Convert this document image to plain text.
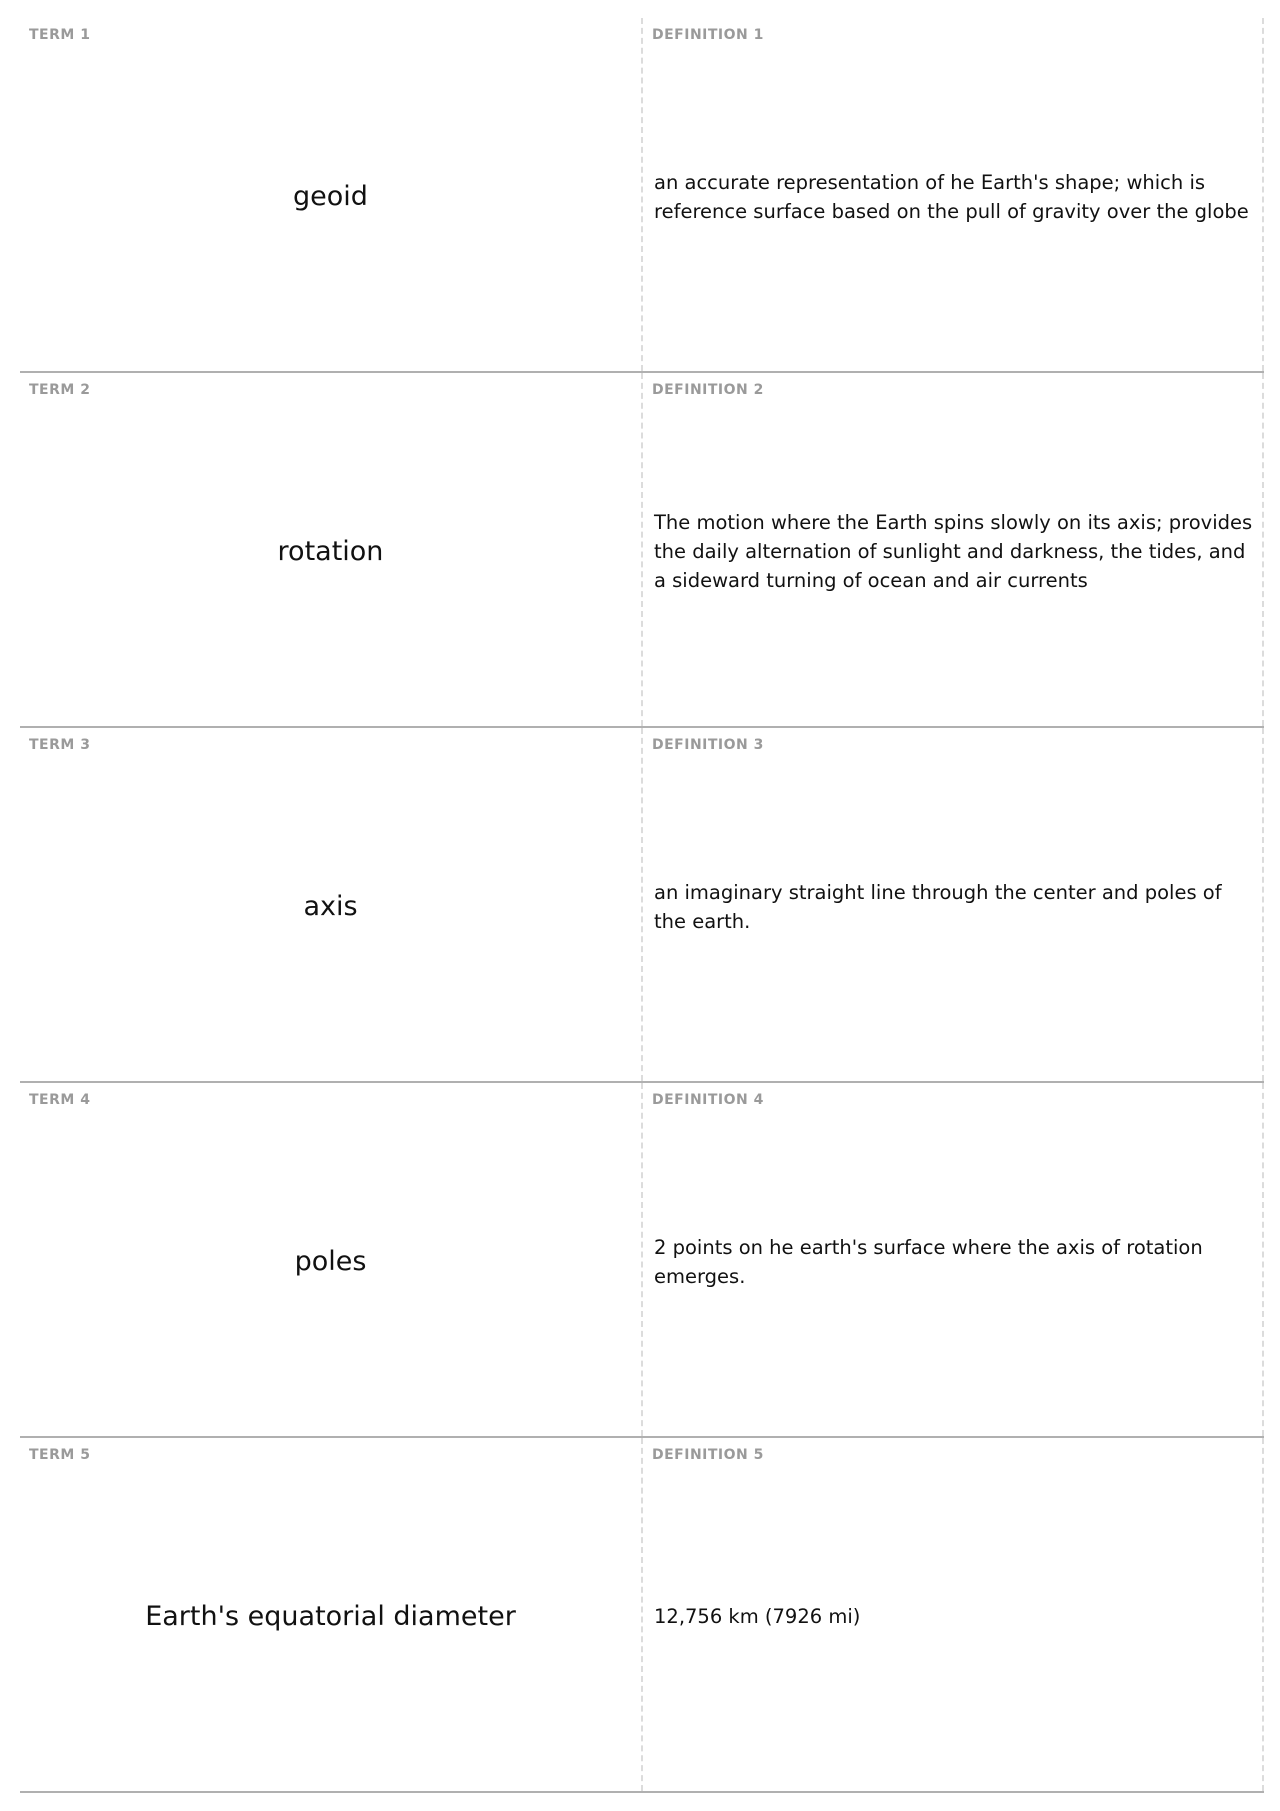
TERM 1
geoid
DEFINITION 1
an accurate representation of he Earth's shape; which is reference surface based on the pull of gravity over the globe
TERM 2
rotation
DEFINITION 2
The motion where the Earth spins slowly on its axis; provides the daily alternation of sunlight and darkness, the tides, and a sideward turning of ocean and air currents
TERM 3
axis
DEFINITION 3
an imaginary straight line through the center and poles of the earth.
TERM 4
poles
DEFINITION 4
2 points on he earth's surface where the axis of rotation emerges.
TERM 5
Earth's equatorial diameter
DEFINITION 5
12,756 km (7926 mi)
